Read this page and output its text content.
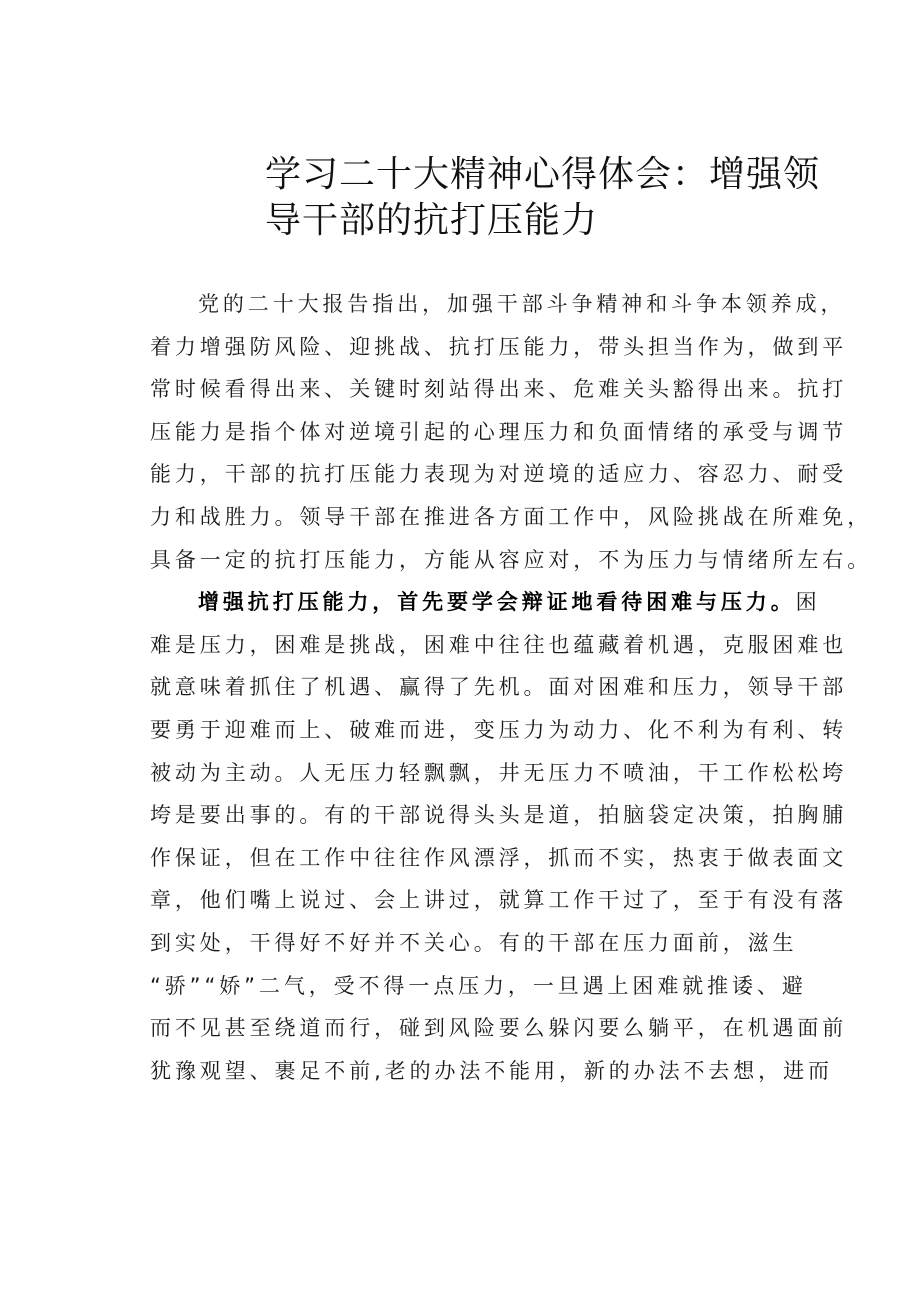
学习二十大精神心得体会：增强领
导干部的抗打压能力
党的二十大报告指出，加强干部斗争精神和斗争本领养成，
着力增强防风险、迎挑战、抗打压能力，带头担当作为，做到平
常时候看得出来、关键时刻站得出来、危难关头豁得出来。抗打
压能力是指个体对逆境引起的心理压力和负面情绪的承受与调节
能力，干部的抗打压能力表现为对逆境的适应力、容忍力、耐受
力和战胜力。领导干部在推进各方面工作中，风险挑战在所难免，
具备一定的抗打压能力，方能从容应对，不为压力与情绪所左右。
增强抗打压能力，首先要学会辩证地看待困难与压力。困
难是压力，困难是挑战，困难中往往也蕴藏着机遇，克服困难也
就意味着抓住了机遇、赢得了先机。面对困难和压力，领导干部
要勇于迎难而上、破难而进，变压力为动力、化不利为有利、转
被动为主动。人无压力轻飘飘，井无压力不喷油，干工作松松垮
垮是要出事的。有的干部说得头头是道，拍脑袋定决策，拍胸脯
作保证，但在工作中往往作风漂浮，抓而不实，热衷于做表面文
章，他们嘴上说过、会上讲过，就算工作干过了，至于有没有落
到实处，干得好不好并不关心。有的干部在压力面前，滋生
“骄”“娇”二气，受不得一点压力，一旦遇上困难就推诿、避
而不见甚至绕道而行，碰到风险要么躲闪要么躺平，在机遇面前
犹豫观望、裹足不前,老的办法不能用，新的办法不去想，进而
